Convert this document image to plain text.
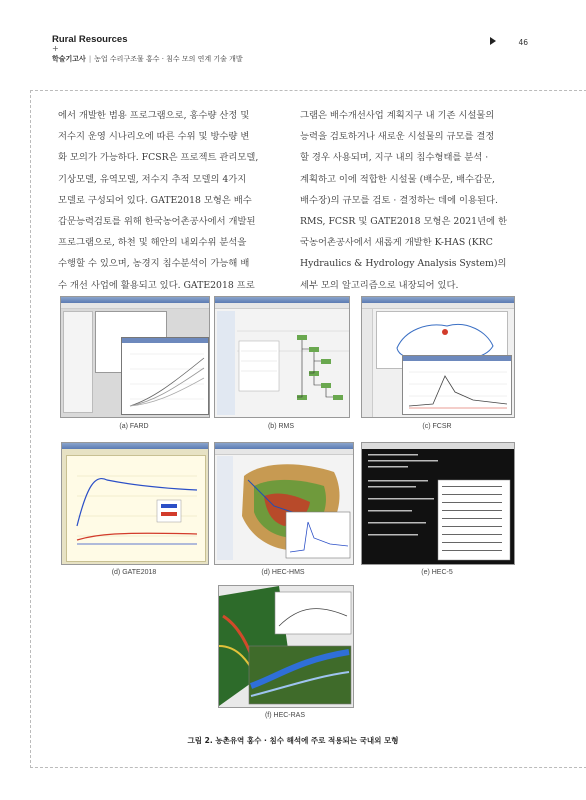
Rural Resources
+
학술기고사 | 농업 수리구조물 홍수 · 침수 모의 연계 기술 개발
46
에서 개발한 범용 프로그램으로, 홍수량 산정 및
저수지 운영 시나리오에 따른 수위 및 방수량 변
화 모의가 가능하다. FCSR은 프로젝트 관리모델,
기상모델, 유역모델, 저수지 추적 모델의 4가지
모델로 구성되어 있다. GATE2018 모형은 배수
갑문능력검토를 위해 한국농어촌공사에서 개발된
프로그램으로, 하천 및 해안의 내외수위 분석을
수행할 수 있으며, 농경지 침수분석이 가능해 배
수 개선 사업에 활용되고 있다. GATE2018 프로
그램은 배수개선사업 계획지구 내 기존 시설물의
능력을 검토하거나 새로운 시설물의 규모를 결정
할 경우 사용되며, 지구 내의 침수형태를 분석 ·
계획하고 이에 적합한 시설물 (배수문, 배수갑문,
배수장)의 규모를 검토 · 결정하는 데에 이용된다.
RMS, FCSR 및 GATE2018 모형은 2021년에 한
국농어촌공사에서 새롭게 개발한 K-HAS (KRC
Hydraulics & Hydrology Analysis System)의
세부 모의 알고리즘으로 내장되어 있다.
(a) FARD	(b) RMS	(c) FCSR
(d) GATE2018	(d) HEC-HMS	(e) HEC-5
(f) HEC-RAS
그림 2. 농촌유역 홍수 · 침수 해석에 주로 적용되는 국내외 모형
